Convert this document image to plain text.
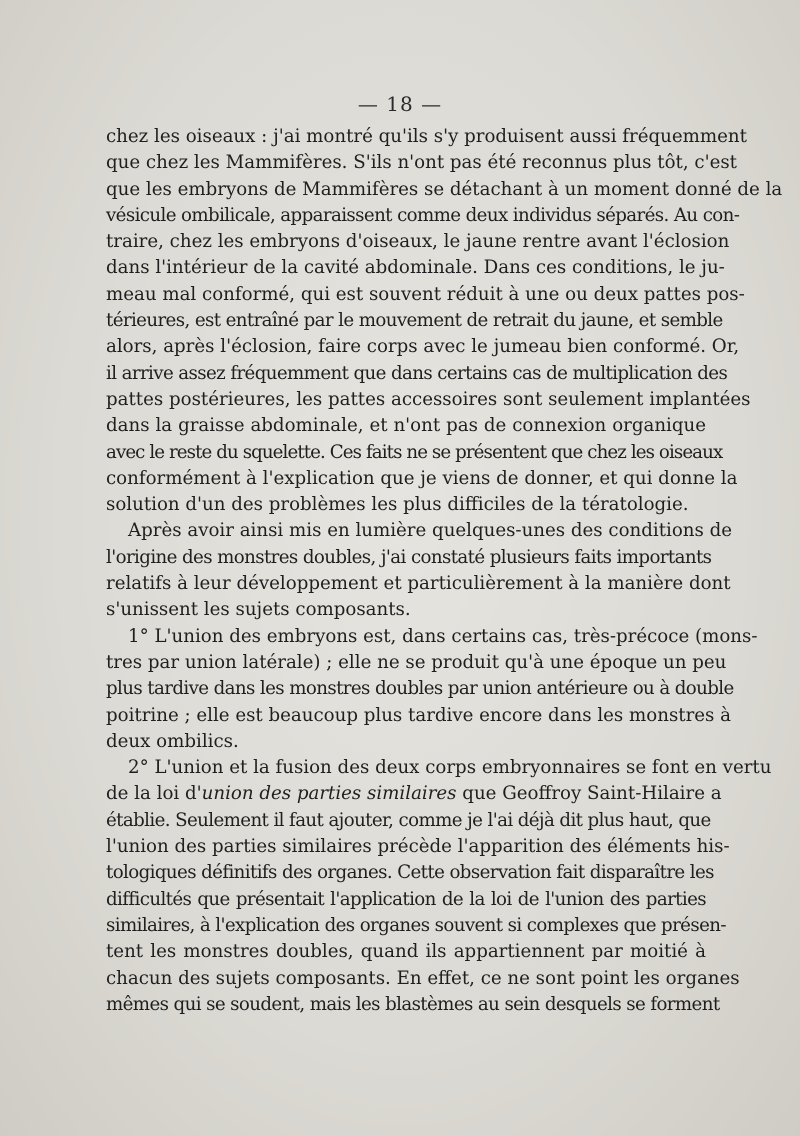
— 18 —
chez les oiseaux : j'ai montré qu'ils s'y produisent aussi fréquemment
que chez les Mammifères. S'ils n'ont pas été reconnus plus tôt, c'est
que les embryons de Mammifères se détachant à un moment donné de la
vésicule ombilicale, apparaissent comme deux individus séparés. Au con-
traire, chez les embryons d'oiseaux, le jaune rentre avant l'éclosion
dans l'intérieur de la cavité abdominale. Dans ces conditions, le ju-
meau mal conformé, qui est souvent réduit à une ou deux pattes pos-
térieures, est entraîné par le mouvement de retrait du jaune, et semble
alors, après l'éclosion, faire corps avec le jumeau bien conformé. Or,
il arrive assez fréquemment que dans certains cas de multiplication des
pattes postérieures, les pattes accessoires sont seulement implantées
dans la graisse abdominale, et n'ont pas de connexion organique
avec le reste du squelette. Ces faits ne se présentent que chez les oiseaux
conformément à l'explication que je viens de donner, et qui donne la
solution d'un des problèmes les plus difficiles de la tératologie.
Après avoir ainsi mis en lumière quelques-unes des conditions de
l'origine des monstres doubles, j'ai constaté plusieurs faits importants
relatifs à leur développement et particulièrement à la manière dont
s'unissent les sujets composants.
1° L'union des embryons est, dans certains cas, très-précoce (mons-
tres par union latérale) ; elle ne se produit qu'à une époque un peu
plus tardive dans les monstres doubles par union antérieure ou à double
poitrine ; elle est beaucoup plus tardive encore dans les monstres à
deux ombilics.
2° L'union et la fusion des deux corps embryonnaires se font en vertu
de la loi d'union des parties similaires que Geoffroy Saint-Hilaire a
établie. Seulement il faut ajouter, comme je l'ai déjà dit plus haut, que
l'union des parties similaires précède l'apparition des éléments his-
tologiques définitifs des organes. Cette observation fait disparaître les
difficultés que présentait l'application de la loi de l'union des parties
similaires, à l'explication des organes souvent si complexes que présen-
tent les monstres doubles, quand ils appartiennent par moitié à
chacun des sujets composants. En effet, ce ne sont point les organes
mêmes qui se soudent, mais les blastèmes au sein desquels se forment
